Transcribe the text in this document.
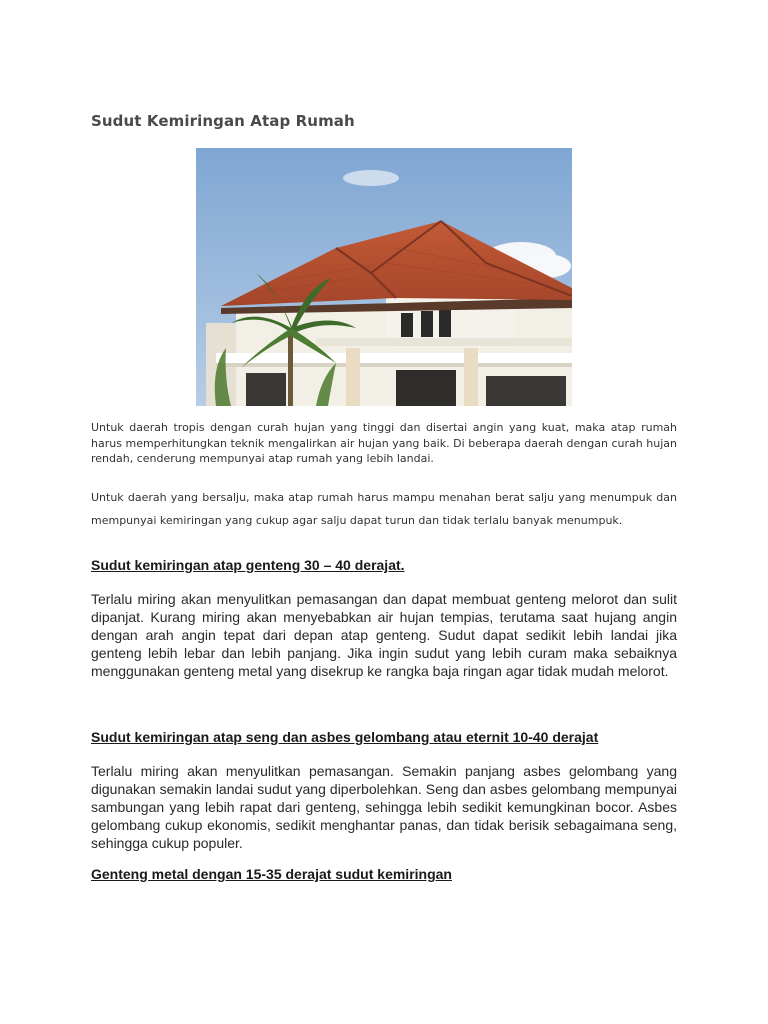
Sudut Kemiringan Atap Rumah

Untuk daerah tropis dengan curah hujan yang tinggi dan disertai angin yang kuat, maka atap rumah harus memperhitungkan teknik mengalirkan air hujan yang baik. Di beberapa daerah dengan curah hujan rendah, cenderung mempunyai atap rumah yang lebih landai.

Untuk daerah yang bersalju, maka atap rumah harus mampu menahan berat salju yang menumpuk dan mempunyai kemiringan yang cukup agar salju dapat turun dan tidak terlalu banyak menumpuk.

Sudut kemiringan atap genteng 30 – 40 derajat.

Terlalu miring akan menyulitkan pemasangan dan dapat membuat genteng melorot dan sulit dipanjat. Kurang miring akan menyebabkan air hujan tempias, terutama saat hujang angin dengan arah angin tepat dari depan atap genteng. Sudut dapat sedikit lebih landai jika genteng lebih lebar dan lebih panjang. Jika ingin sudut yang lebih curam maka sebaiknya menggunakan genteng metal yang disekrup ke rangka baja ringan agar tidak mudah melorot.

Sudut kemiringan atap seng dan asbes gelombang atau eternit 10-40 derajat

Terlalu miring akan menyulitkan pemasangan. Semakin panjang asbes gelombang yang digunakan semakin landai sudut yang diperbolehkan. Seng dan asbes gelombang mempunyai sambungan yang lebih rapat dari genteng, sehingga lebih sedikit kemungkinan bocor. Asbes gelombang cukup ekonomis, sedikit menghantar panas, dan tidak berisik sebagaimana seng, sehingga cukup populer.

Genteng metal dengan 15-35 derajat sudut kemiringan
